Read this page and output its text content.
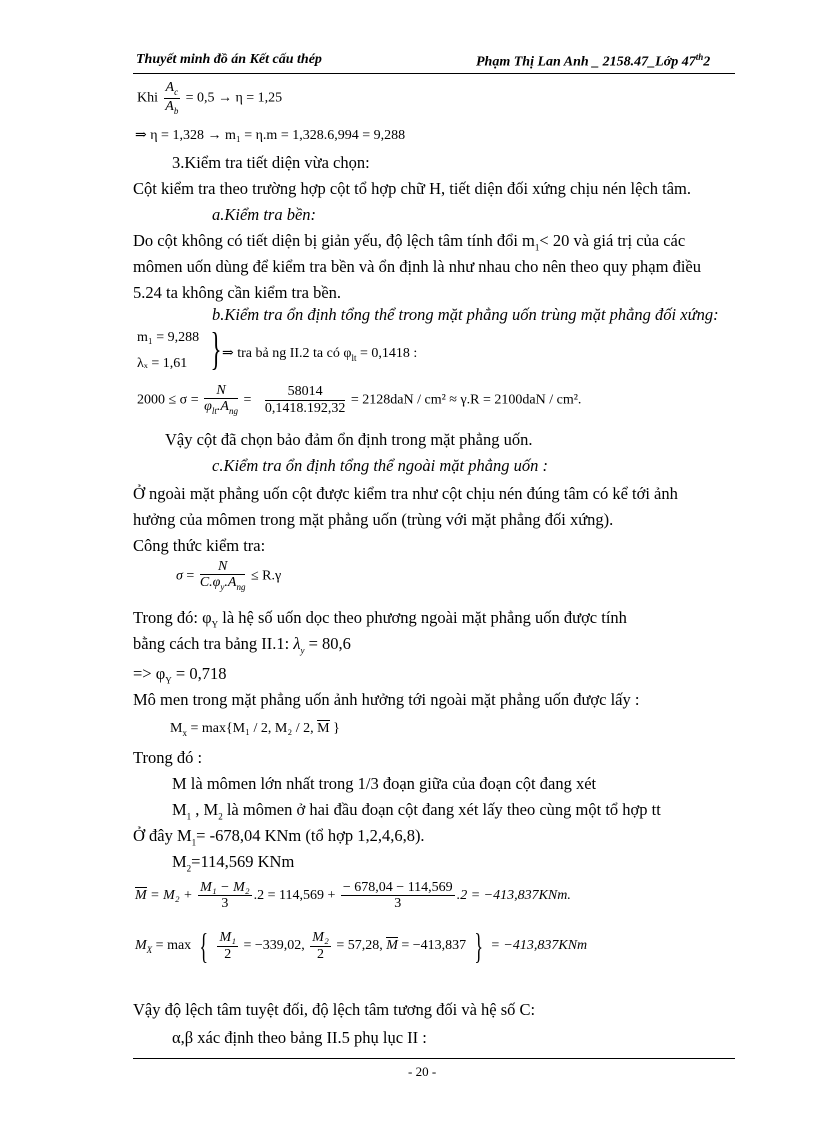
Thuyết minh đồ án Kết cấu thép	Phạm Thị Lan Anh _ 2158.47_Lớp 47th2
Khi $\frac{A_c}{A_b} = 0,5 \to \eta = 1,25$
⇒ η = 1,328 → m₁ = η.m = 1,328.6,994 = 9,288
3.Kiểm tra tiết diện vừa chọn:
Cột kiểm tra theo trường hợp cột tổ hợp chữ H, tiết diện đối xứng chịu nén lệch tâm.
a.Kiểm tra bền:
Do cột không có tiết diện bị giản yếu, độ lệch tâm tính đổi $m_1< 20$ và giá trị của các
mômen uốn dùng để kiểm tra bền và ổn định là như nhau cho nên theo quy phạm điều
5.24 ta không cần kiểm tra bền.
b.Kiểm tra ổn định tổng thể trong mặt phẳng uốn trùng mặt phẳng đối xứng:
m₁ = 9,288
λₓ = 1,61 } ⇒ tra bả ng II.2 ta có $\varphi_{lt} = 0,1418$ :
$2000 \le \sigma = \frac{N}{\varphi_{lt}.A_{ng}} = \frac{58014}{0,1418.192,32} = 2128daN / cm^2 \approx \gamma.R = 2100daN / cm^2$.
Vậy cột đã chọn bảo đảm ổn định trong mặt phẳng uốn.
c.Kiểm tra ổn định tổng thể ngoài mặt phẳng uốn :
Ở ngoài mặt phẳng uốn cột được kiểm tra như cột chịu nén đúng tâm có kể tới ảnh
hưởng của mômen trong mặt phẳng uốn (trùng với mặt phẳng đối xứng).
Công thức kiểm tra:
$\sigma = \frac{N}{C.\varphi_y.A_{ng}} \le R.\gamma$
Trong đó: $\varphi_Y$ là hệ số uốn dọc theo phương ngoài mặt phẳng uốn được tính
bằng cách tra bảng II.1: $\lambda_y = 80,6$
=> $\varphi_Y = 0,718$
Mô men trong mặt phẳng uốn ảnh hưởng tới ngoài mặt phẳng uốn được lấy :
$M_x = \max\{M_1 / 2$, M₂ / 2, M }
Trong đó :
M là mômen lớn nhất trong 1/3 đoạn giữa của đoạn cột đang xét
$M_1$ , $M_2$ là mômen ở hai đầu đoạn cột đang xét lấy theo cùng một tổ hợp tt
Ở đây $M_1= -678,04$ KNm (tổ hợp 1,2,4,6,8).
$M_2=114,569$ KNm
$M = M_2 + \frac{\text{M₁ − M₂}}{3} .2 = 114,569 + \frac{- 678,04 - 114,569}{3} .2 = -413,837KNm$.
$M_X = \max$ { $\frac{\text{M₁}}{2} = -339,02$, $\frac{\text{M₂}}{2} = 57,28$, M = −413,837 } = −413,837KNm
Vậy độ lệch tâm tuyệt đối, độ lệch tâm tương đối và hệ số C:
α,β xác định theo bảng II.5 phụ lục II :
- 20 -
